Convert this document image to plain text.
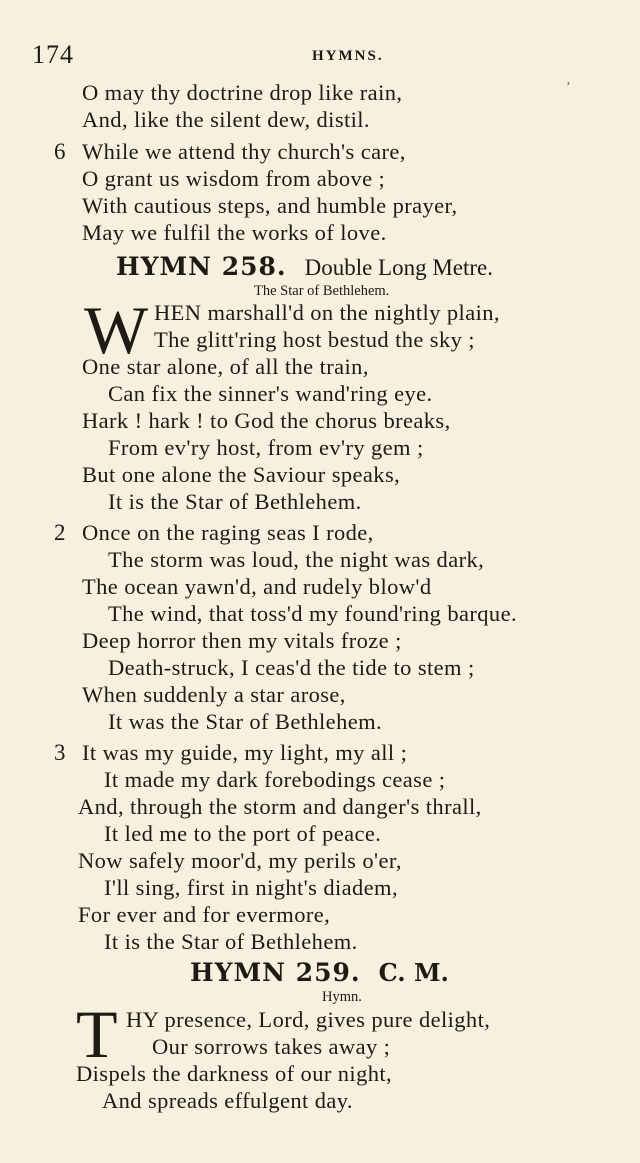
174	HYMNS.
ʼ
O may thy doctrine drop like rain,
And, like the silent dew, distil.
6 While we attend thy church's care,
O grant us wisdom from above ;
With cautious steps, and humble prayer,
May we fulfil the works of love.
HYMN 258. Double Long Metre.
The Star of Bethlehem.
W HEN marshall'd on the nightly plain,
The glitt'ring host bestud the sky ;
One star alone, of all the train,
Can fix the sinner's wand'ring eye.
Hark ! hark ! to God the chorus breaks,
From ev'ry host, from ev'ry gem ;
But one alone the Saviour speaks,
It is the Star of Bethlehem.
2 Once on the raging seas I rode,
The storm was loud, the night was dark,
The ocean yawn'd, and rudely blow'd
The wind, that toss'd my found'ring barque.
Deep horror then my vitals froze ;
Death-struck, I ceas'd the tide to stem ;
When suddenly a star arose,
It was the Star of Bethlehem.
3 It was my guide, my light, my all ;
It made my dark forebodings cease ;
And, through the storm and danger's thrall,
It led me to the port of peace.
Now safely moor'd, my perils o'er,
I'll sing, first in night's diadem,
For ever and for evermore,
It is the Star of Bethlehem.
HYMN 259. C. M.
Hymn.
T HY presence, Lord, gives pure delight,
Our sorrows takes away ;
Dispels the darkness of our night,
And spreads effulgent day.
